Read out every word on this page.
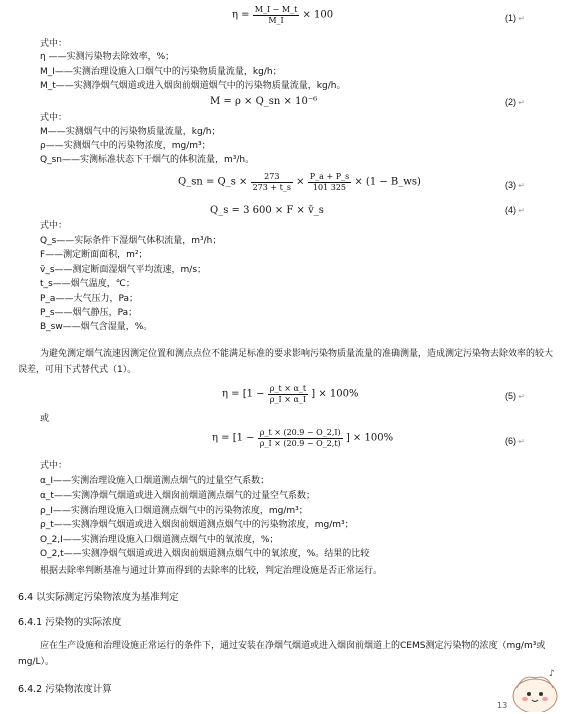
$\eta = \frac{M\_I - M\_t}{M\_I} \times 100$	(1) ↵
式中：
η ——实测污染物去除效率，%；
M_I——实测治理设施入口烟气中的污染物质量流量，kg/h；
M_t——实测净烟气烟道或进入烟囱前烟道烟气中的污染物质量流量，kg/h。
M = ρ × Q_sn × 10⁻⁶	(2) ↵
式中：
M——实测烟气中的污染物质量流量，kg/h；
ρ——实测烟气中的污染物浓度，mg/m³；
Q_sn——实测标准状态下干烟气的体积流量，m³/h。
Q_sn = Q_s × $\frac{273}{273 + t\_s} \times \frac{P\_a + P\_s}{101 325} \times (1$ − B_ws)	(3) ↵
Q_s = 3 600 × F × v̄_s	(4) ↵
式中：
Q_s——实际条件下湿烟气体积流量，m³/h；
F——测定断面面积，m²；
v̄_s——测定断面湿烟气平均流速，m/s；
t_s——烟气温度，℃；
P_a——大气压力，Pa；
P_s——烟气静压，Pa；
B_sw——烟气含湿量，%。

为避免测定烟气流速因测定位置和测点点位不能满足标准的要求影响污染物质量流量的准确测量，造成测定污染物去除效率的较大误差，可用下式替代式（1）。

$\eta = [1 - \frac{\rho\_t \times \alpha\_t}{\rho\_I \times \alpha\_I}$ ] × 100%	(5) ↵
或
$\eta = [1 - \frac{\rho\_t \times (20.9 - O\_2,I)}{\rho\_I \times (20.9 - O\_2,t)}$ ] × 100%	(6) ↵
式中：
α_I——实测治理设施入口烟道测点烟气的过量空气系数；
α_t——实测净烟气烟道或进入烟囱前烟道测点烟气的过量空气系数；
ρ_I——实测治理设施入口烟道测点烟气中的污染物浓度，mg/m³；
ρ_t——实测净烟气烟道或进入烟囱前烟道测点烟气中的污染物浓度，mg/m³；
O_2,I——实测治理设施入口烟道测点烟气中的氧浓度，%；
O_2,t——实测净烟气烟道或进入烟囱前烟道测点烟气中的氧浓度，%。结果的比较
根据去除率判断基准与通过计算而得到的去除率的比较，判定治理设施是否正常运行。
6.4 以实际测定污染物浓度为基准判定
6.4.1 污染物的实际浓度

应在生产设施和治理设施正常运行的条件下，通过安装在净烟气烟道或进入烟囱前烟道上的CEMS测定污染物的浓度（mg/m³或mg/L）。

6.4.2 污染物浓度计算
13
♪
